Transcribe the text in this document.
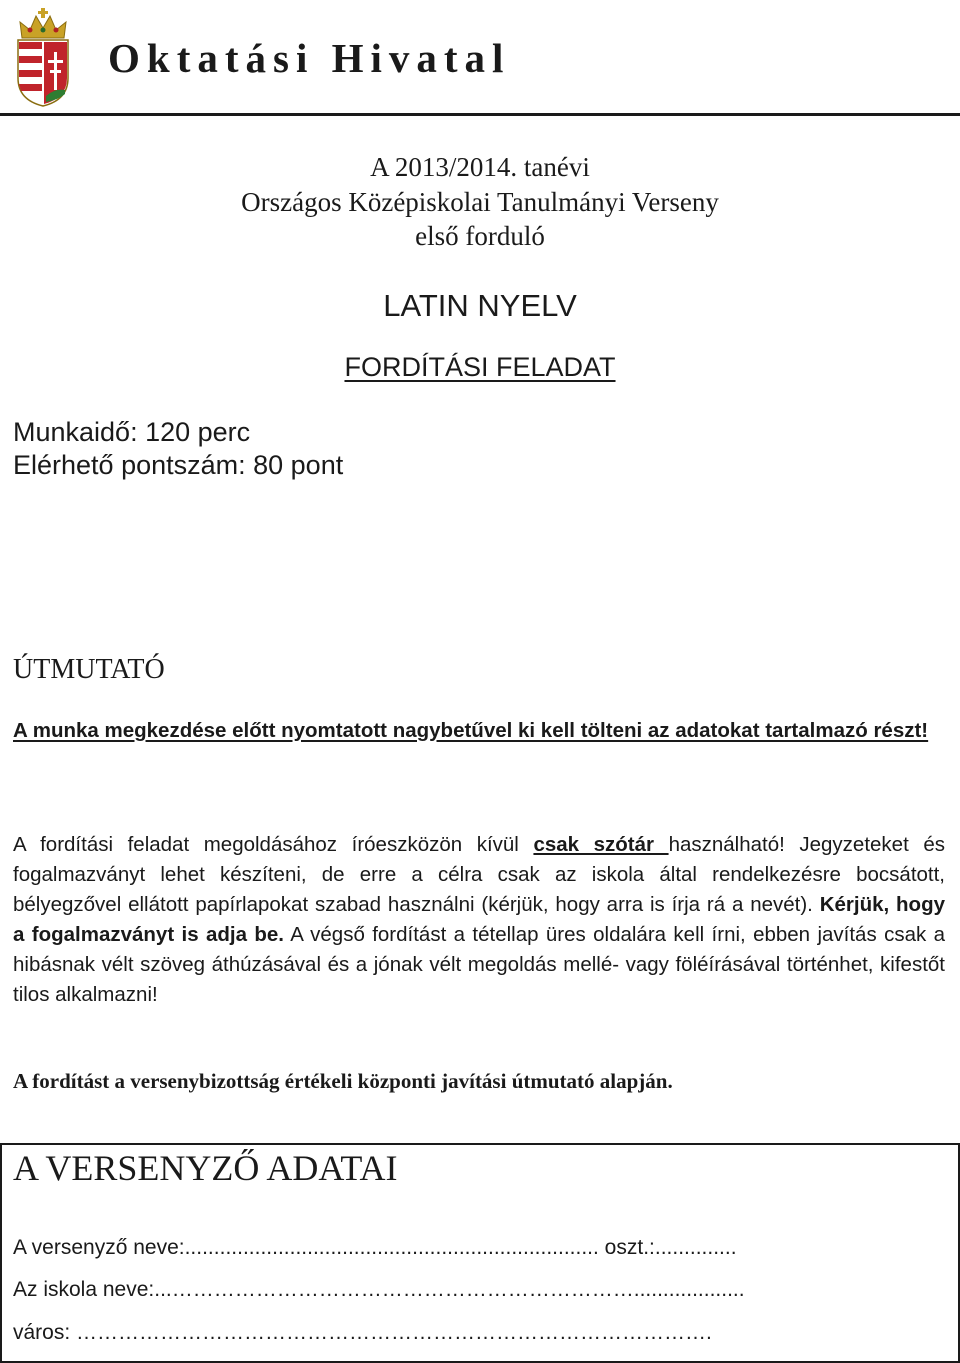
Oktatási Hivatal
A 2013/2014. tanévi
Országos Középiskolai Tanulmányi Verseny
első forduló
LATIN NYELV
FORDÍTÁSI FELADAT
Munkaidő: 120 perc
Elérhető pontszám: 80 pont
ÚTMUTATÓ
A munka megkezdése előtt nyomtatott nagybetűvel ki kell tölteni az adatokat tartalmazó részt!
A fordítási feladat megoldásához íróeszközön kívül csak szótár használható! Jegyzeteket és fogalmazványt lehet készíteni, de erre a célra csak az iskola által rendelkezésre bocsátott, bélyegzővel ellátott papírlapokat szabad használni (kérjük, hogy arra is írja rá a nevét). Kérjük, hogy a fogalmazványt is adja be. A végső fordítást a tétellap üres oldalára kell írni, ebben javítás csak a hibásnak vélt szöveg áthúzásával és a jónak vélt megoldás mellé- vagy föléírásával történhet, kifestőt tilos alkalmazni!
A fordítást a versenybizottság értékeli központi javítási útmutató alapján.
A VERSENYZŐ ADATAI
A versenyző neve:....................................................................... oszt.:..............
Az iskola neve:...…………………………………………………………...................
város: ……………………………………………………………………………….
